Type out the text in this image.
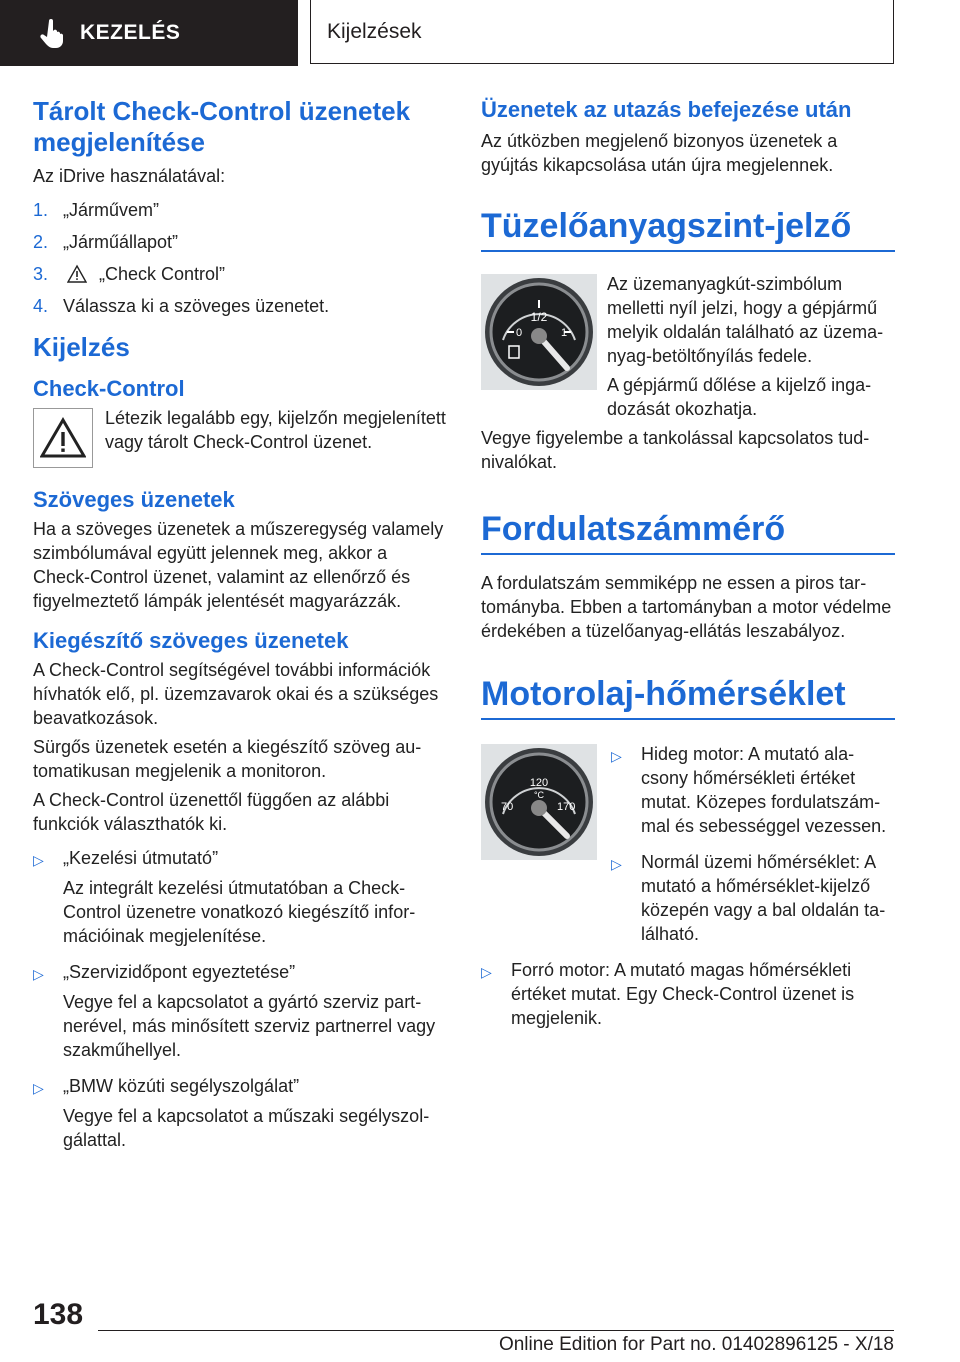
KEZELÉS	Kijelzések
Tárolt Check-Control üzenetek megjelenítése

Az iDrive használatával:

1. „Járművem”
2. „Járműállapot”
3.	„Check Control”
4. Válassza ki a szöveges üzenetet.
Kijelzés
Check-Control

Létezik legalább egy, kijelzőn megjelenített vagy tárolt Check-Control üzenet.

Szöveges üzenetek

Ha a szöveges üzenetek a műszeregység valamely szimbólumával együtt jelennek meg, akkor a Check-Control üzenet, valamint az ellenőrző és figyelmeztető lámpák jelentését magyarázzák.

Kiegészítő szöveges üzenetek

A Check-Control segítségével további információk hívhatók elő, pl. üzemzavarok okai és a szükséges beavatkozások.

Sürgős üzenetek esetén a kiegészítő szöveg automatikusan megjelenik a monitoron.

A Check-Control üzenettől függően az alábbi funkciók választhatók ki.

▷	„Kezelési útmutató”

Az integrált kezelési útmutatóban a Check-Control üzenetre vonatkozó kiegészítő információinak megjelenítése.

▷	„Szervizidőpont egyeztetése”

Vegye fel a kapcsolatot a gyártó szerviz partnerével, más minősített szerviz partnerrel vagy szakműhellyel.

▷	„BMW közúti segélyszolgálat”

Vegye fel a kapcsolatot a műszaki segélyszolgálattal.

Üzenetek az utazás befejezése után

Az útközben megjelenő bizonyos üzenetek a gyújtás kikapcsolása után újra megjelennek.

Tüzelőanyagszint-jelző
1/2
0	1

Az üzemanyagkút-szimbólum melletti nyíl jelzi, hogy a gépjármű melyik oldalán található az üzemanyag-betöltőnyílás fedele.

A gépjármű dőlése a kijelző ingadozását okozhatja.

Vegye figyelembe a tankolással kapcsolatos tudnivalókat.

Fordulatszámmérő

A fordulatszám semmiképp ne essen a piros tartományba. Ebben a tartományban a motor védelme érdekében a tüzelőanyag-ellátás leszabályoz.

Motorolaj-hőmérséklet
120
°C
70	170
▷	Hideg motor: A mutató alacsony hőmérsékleti értéket mutat. Közepes fordulatszámmal és sebességgel vezessen.

▷	Normál üzemi hőmérséklet: A mutató a hőmérséklet-kijelző közepén vagy a bal oldalán található.

▷	Forró motor: A mutató magas hőmérsékleti értéket mutat. Egy Check-Control üzenet is megjelenik.

138
Online Edition for Part no. 01402896125 - X/18
